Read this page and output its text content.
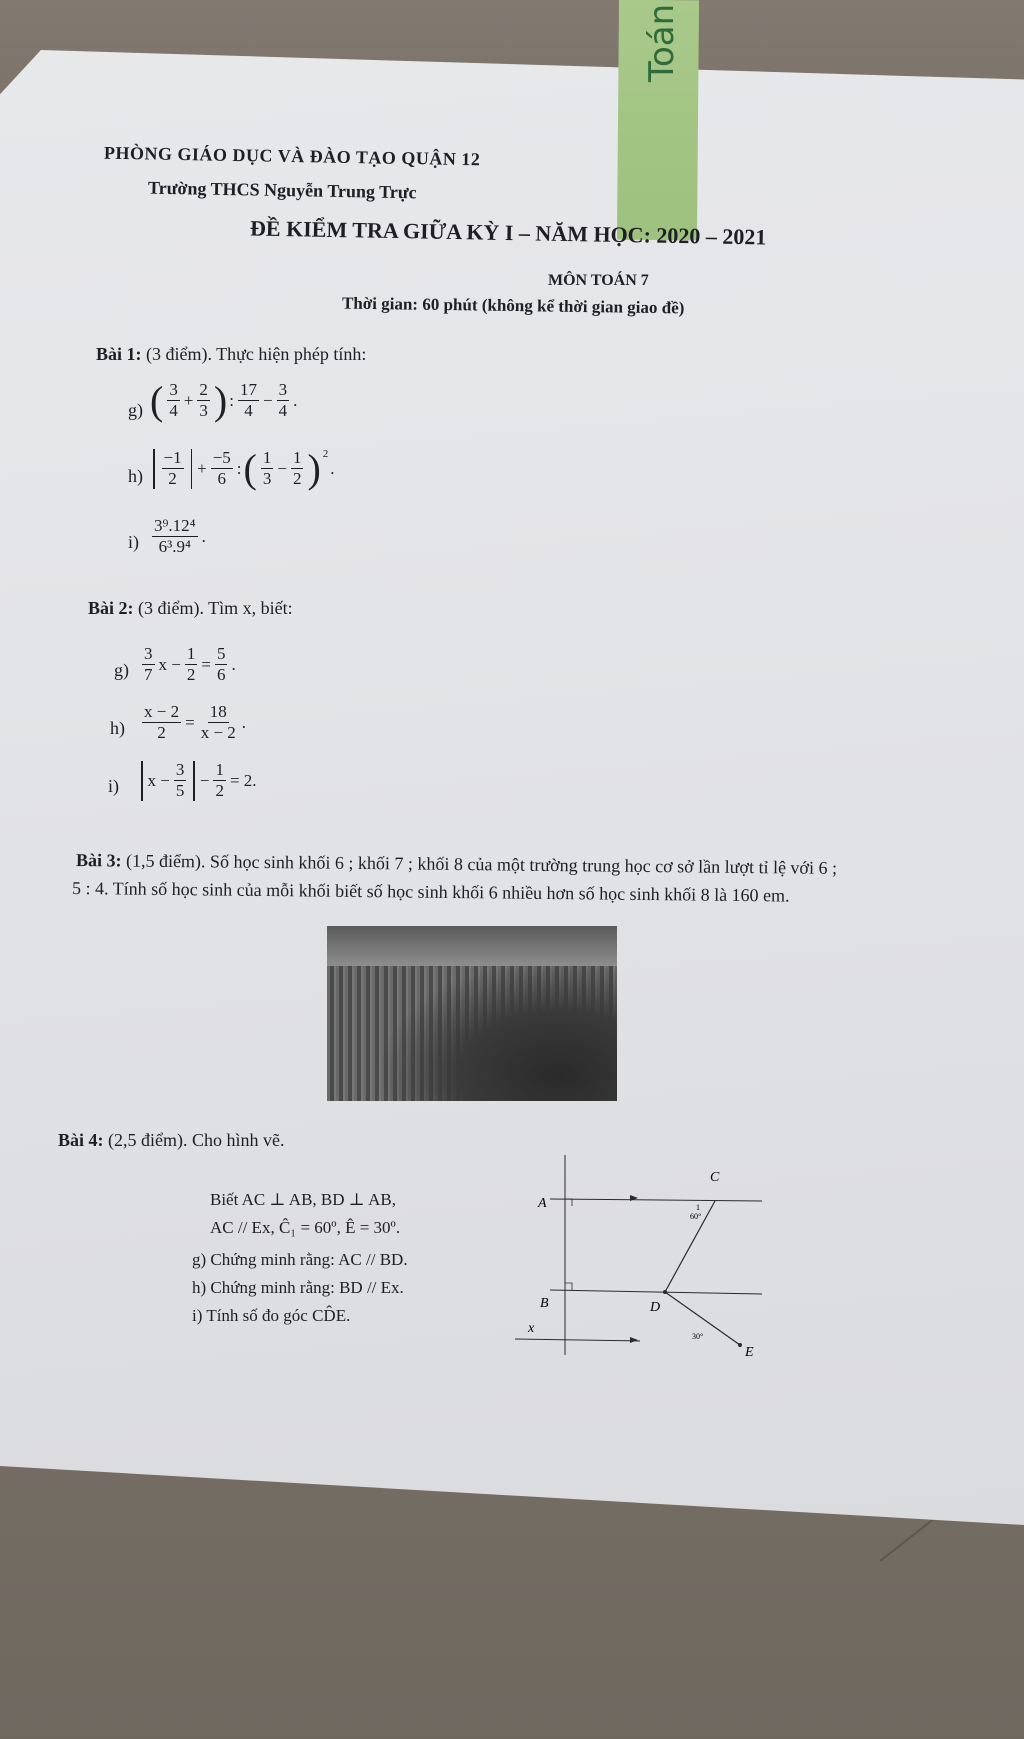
Toán
PHÒNG GIÁO DỤC VÀ ĐÀO TẠO QUẬN 12
Trường THCS Nguyễn Trung Trực
ĐỀ KIỂM TRA GIỮA KỲ I – NĂM HỌC: 2020 – 2021
MÔN TOÁN 7
Thời gian: 60 phút (không kể thời gian giao đề)
Bài 1: (3 điểm). Thực hiện phép tính:
g) ( $\frac{3}{4} + \frac{2}{3}$ ) : $\frac{17}{4} - \frac{3}{4}$ .
$h) \frac{-1}{2} + \frac{-5}{6}$ : ( $\frac{1}{3} - \frac{1}{2}$ ) 2
.
$i) \frac{\text{3⁹.12⁴}}{\text{6³.9⁴}}$ .
Bài 2: (3 điểm). Tìm x, biết:
$g) \frac{3}{7}$ $x - \frac{1}{2} = \frac{5}{6}$ .
$h) \frac{x - 2}{2} = \frac{18}{x - 2}$ .
i) $x - \frac{3}{5} - \frac{1}{2} = 2$.
Bài 3: (1,5 điểm). Số học sinh khối 6 ; khối 7 ; khối 8 của một trường trung học cơ sở lần lượt tỉ lệ với 6 ;
5 : 4. Tính số học sinh của mỗi khối biết số học sinh khối 6 nhiều hơn số học sinh khối 8 là 160 em.
Bài 4: (2,5 điểm). Cho hình vẽ.
Biết AC ⊥ AB, BD ⊥ AB,
AC // Ex, Ĉ₁ = 60º, Ê = 30º.
g) Chứng minh rằng: AC // BD.
h) Chứng minh rằng: BD // Ex.
i) Tính số đo góc CD̂E.
A
C
B	D
E
x
60°
1
30°
